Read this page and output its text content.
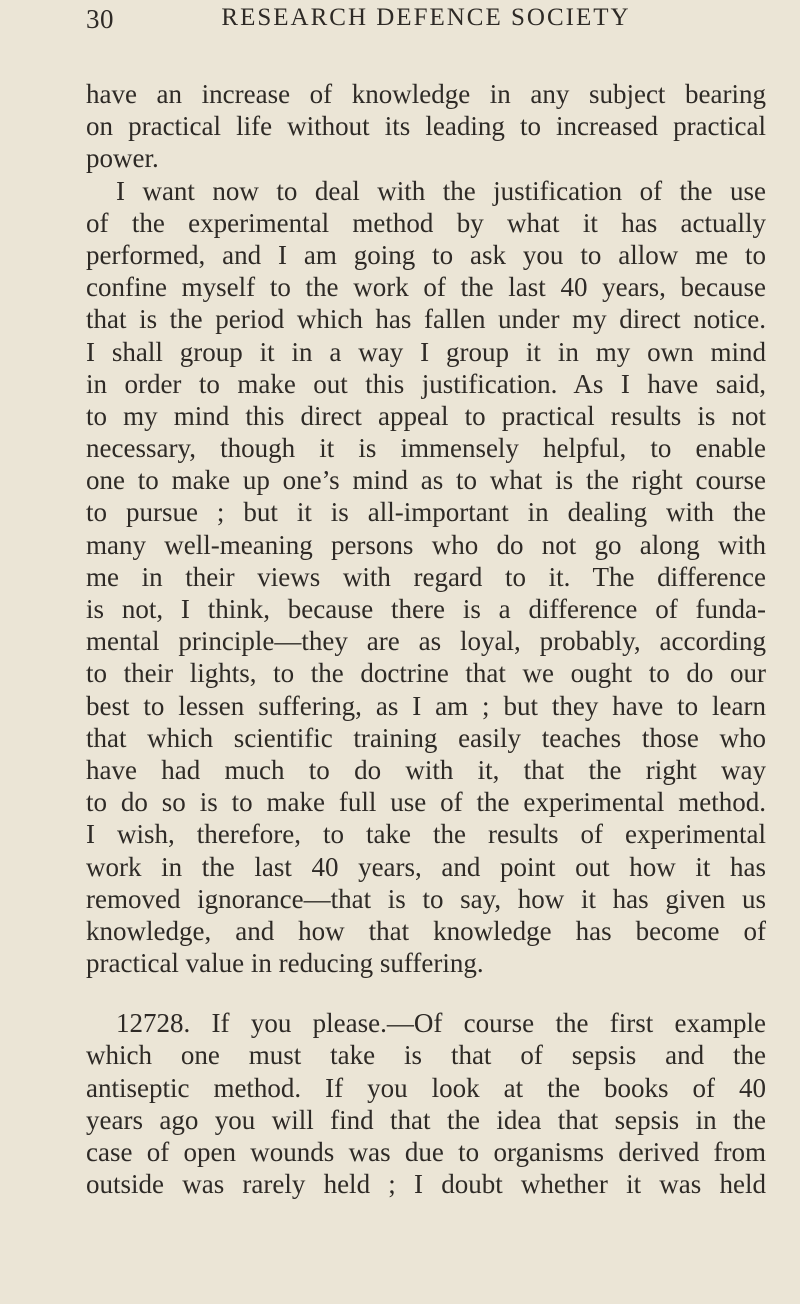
30	RESEARCH DEFENCE SOCIETY
have an increase of knowledge in any subject bearing
on practical life without its leading to increased practical
power.
I want now to deal with the justification of the use
of the experimental method by what it has actually
performed, and I am going to ask you to allow me to
confine myself to the work of the last 40 years, because
that is the period which has fallen under my direct notice.
I shall group it in a way I group it in my own mind
in order to make out this justification. As I have said,
to my mind this direct appeal to practical results is not
necessary, though it is immensely helpful, to enable
one to make up one’s mind as to what is the right course
to pursue ; but it is all-important in dealing with the
many well-meaning persons who do not go along with
me in their views with regard to it. The difference
is not, I think, because there is a difference of funda-
mental principle—they are as loyal, probably, according
to their lights, to the doctrine that we ought to do our
best to lessen suffering, as I am ; but they have to learn
that which scientific training easily teaches those who
have had much to do with it, that the right way
to do so is to make full use of the experimental method.
I wish, therefore, to take the results of experimental
work in the last 40 years, and point out how it has
removed ignorance—that is to say, how it has given us
knowledge, and how that knowledge has become of
practical value in reducing suffering.
12728. If you please.—Of course the first example
which one must take is that of sepsis and the
antiseptic method. If you look at the books of 40
years ago you will find that the idea that sepsis in the
case of open wounds was due to organisms derived from
outside was rarely held ; I doubt whether it was held
